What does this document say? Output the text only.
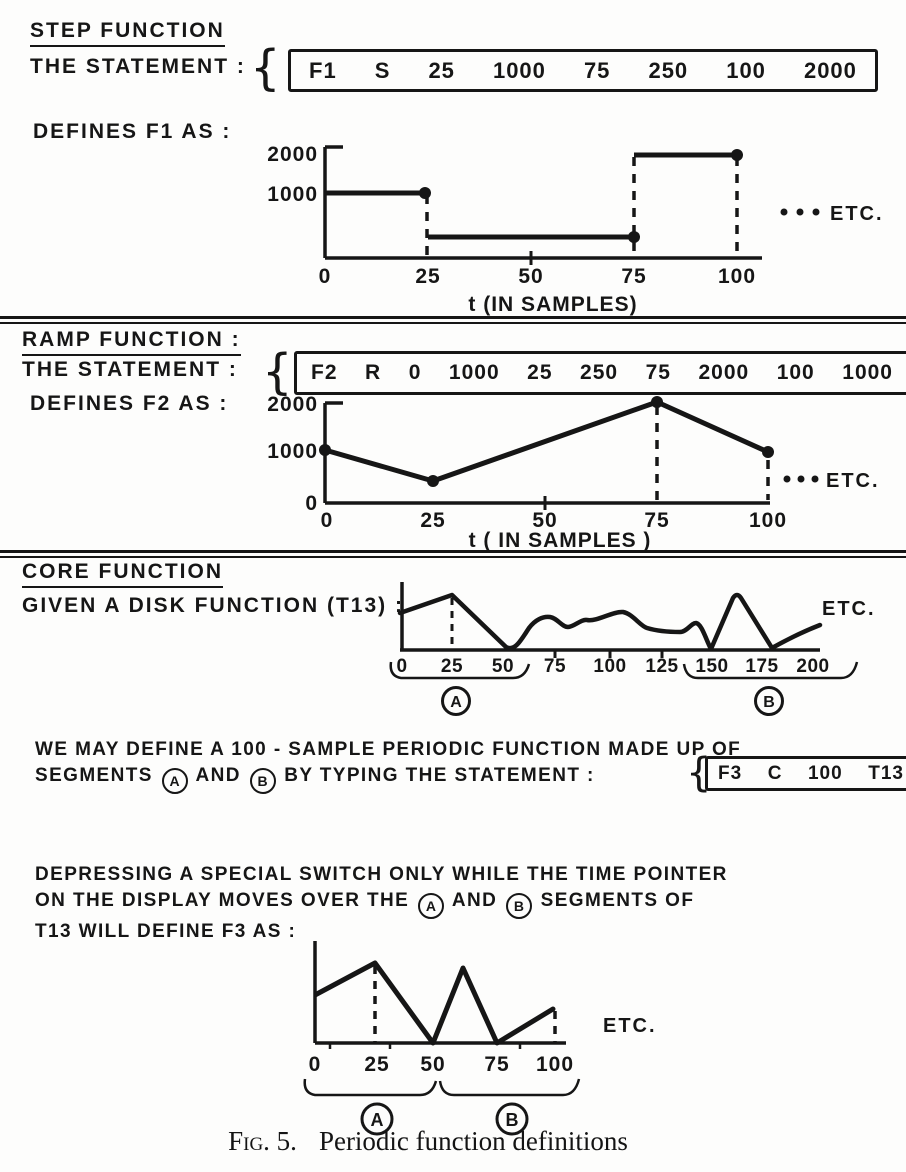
STEP FUNCTION
THE STATEMENT : { F1 S 25 1000 75 250 100 2000
DEFINES F1 AS :
2000
1000
0	25	50	75	100
ETC.
t (IN SAMPLES)
RAMP FUNCTION :
THE STATEMENT : { F2 R 0 1000 25 250 75 2000 100 1000
DEFINES F2 AS : 2000
1000
0
0	25	50	75	100
ETC.
t ( IN SAMPLES )
CORE FUNCTION
GIVEN A DISK FUNCTION (T13) :
0 25 50 75 100 125 150 175 200
A	B
ETC.
WE MAY DEFINE A 100 - SAMPLE PERIODIC FUNCTION MADE UP OF
SEGMENTS A AND B BY TYPING THE STATEMENT :	{ F3 C 100 T13
DEPRESSING A SPECIAL SWITCH ONLY WHILE THE TIME POINTER
ON THE DISPLAY MOVES OVER THE A AND B SEGMENTS OF
T13 WILL DEFINE F3 AS :
0 25 50 75 100
A	B
ETC.
Fig. 5. Periodic function definitions
